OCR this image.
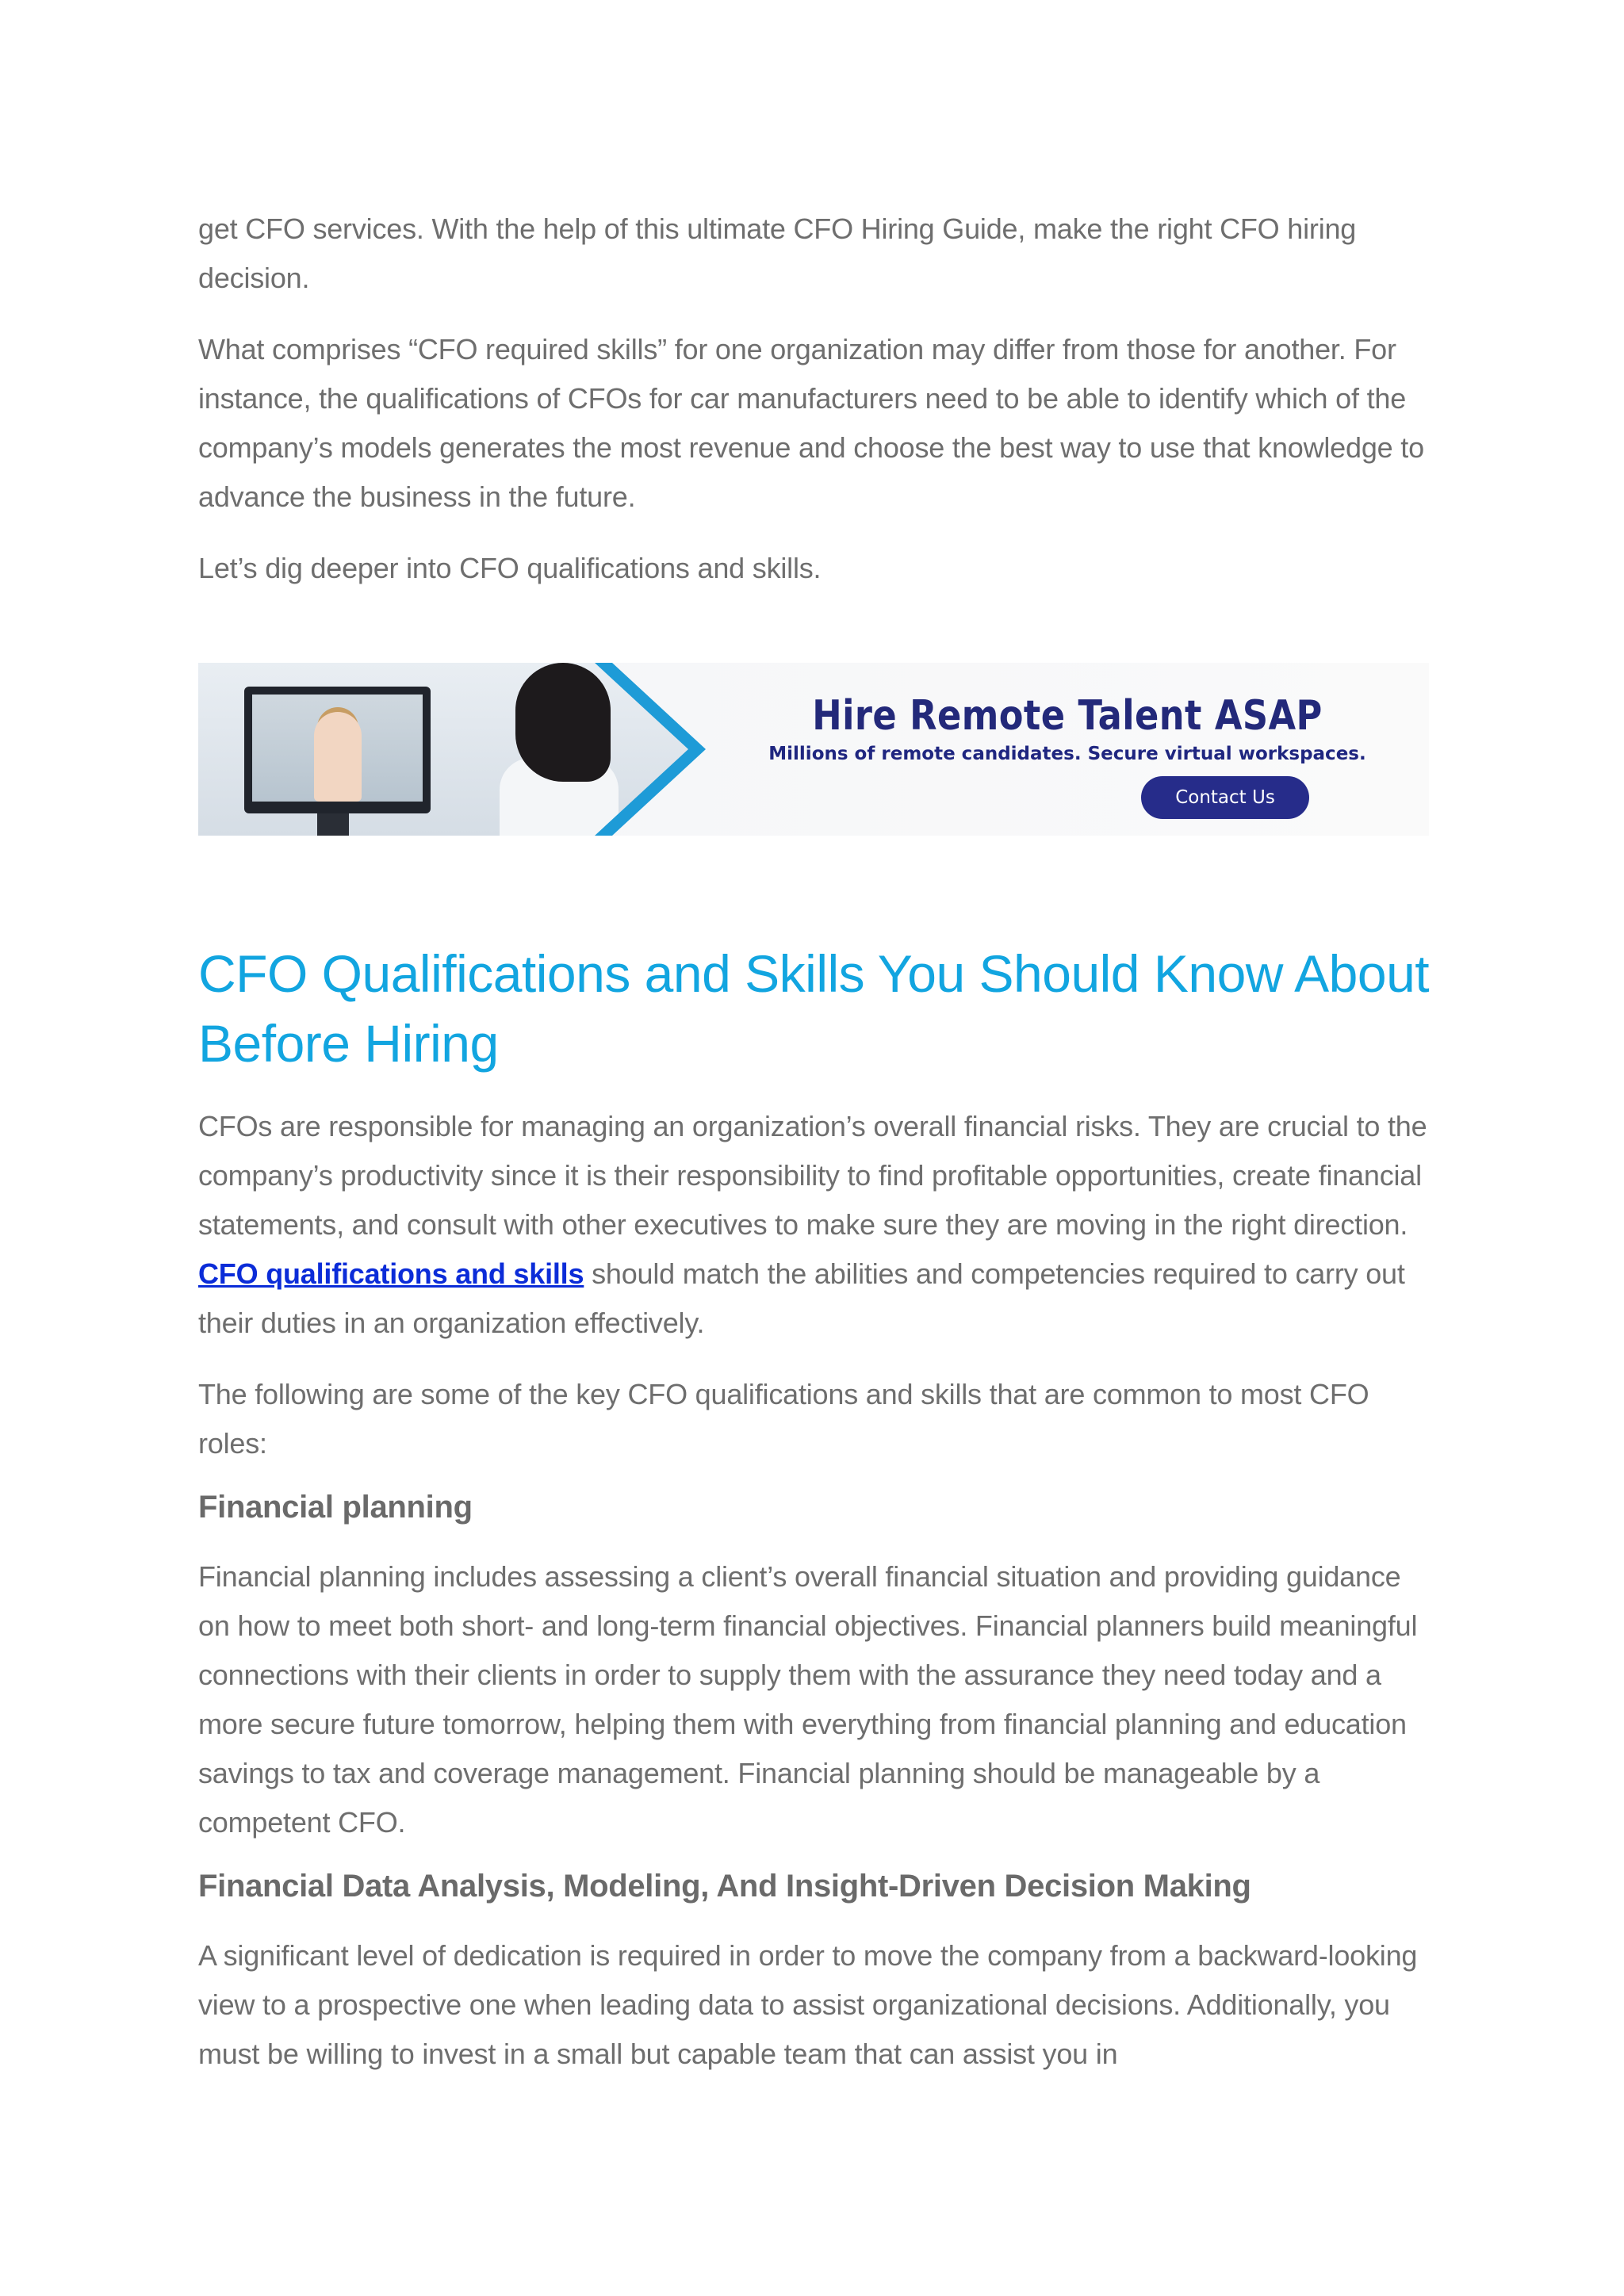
get CFO services. With the help of this ultimate CFO Hiring Guide, make the right CFO hiring decision.

What comprises “CFO required skills” for one organization may differ from those for another. For instance, the qualifications of CFOs for car manufacturers need to be able to identify which of the company’s models generates the most revenue and choose the best way to use that knowledge to advance the business in the future.

Let’s dig deeper into CFO qualifications and skills.

Hire Remote Talent ASAP
Millions of remote candidates. Secure virtual workspaces.
Contact Us
CFO Qualifications and Skills You Should Know About Before Hiring

CFOs are responsible for managing an organization’s overall financial risks. They are crucial to the company’s productivity since it is their responsibility to find profitable opportunities, create financial statements, and consult with other executives to make sure they are moving in the right direction. CFO qualifications and skills should match the abilities and competencies required to carry out their duties in an organization effectively.

The following are some of the key CFO qualifications and skills that are common to most CFO roles:

Financial planning

Financial planning includes assessing a client’s overall financial situation and providing guidance on how to meet both short- and long-term financial objectives. Financial planners build meaningful connections with their clients in order to supply them with the assurance they need today and a more secure future tomorrow, helping them with everything from financial planning and education savings to tax and coverage management. Financial planning should be manageable by a competent CFO.

Financial Data Analysis, Modeling, And Insight-Driven Decision Making

A significant level of dedication is required in order to move the company from a backward-looking view to a prospective one when leading data to assist organizational decisions. Additionally, you must be willing to invest in a small but capable team that can assist you in
